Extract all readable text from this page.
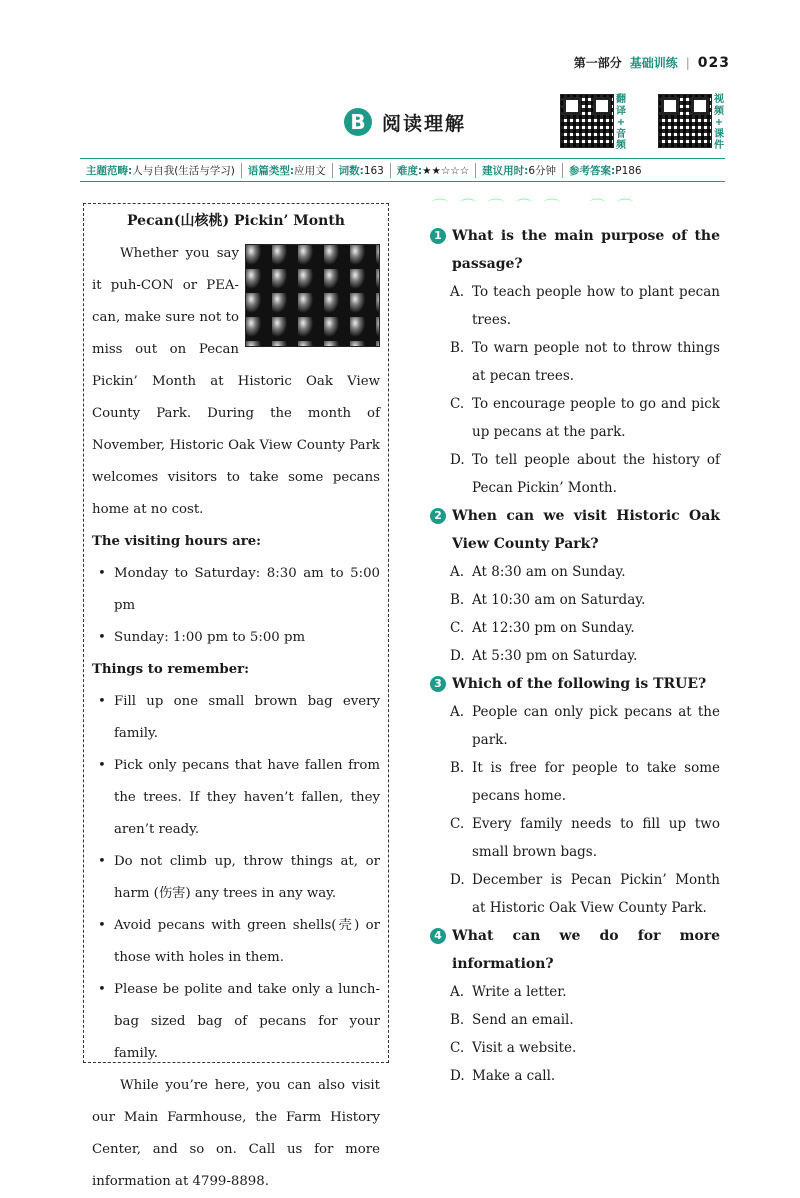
第一部分 基础训练 | 023
B 阅读理解
翻
译
+
音
频
视
频
+
课
件
主题范畴:人与自我(生活与学习)	语篇类型:应用文	词数:163	难度:★★☆☆☆	建议用时:6分钟	参考答案:P186
Pecan(山核桃) Pickin’ Month
Whether you say it puh-CON or PEA-can, make sure not to miss out on Pecan Pickin’ Month at Historic Oak View County Park. During the month of November, Historic Oak View County Park welcomes visitors to take some pecans home at no cost.
The visiting hours are:
• Monday to Saturday: 8:30 am to 5:00 pm
• Sunday: 1:00 pm to 5:00 pm
Things to remember:
• Fill up one small brown bag every family.
• Pick only pecans that have fallen from the trees. If they haven’t fallen, they aren’t ready.
• Do not climb up, throw things at, or harm (伤害) any trees in any way.
• Avoid pecans with green shells(壳) or those with holes in them.
• Please be polite and take only a lunch-bag sized bag of pecans for your family.
While you’re here, you can also visit our Main Farmhouse, the Farm History Center, and so on. Call us for more information at 4799-8898.
⌒⌒⌒⌒⌒ ⌒⌒
1 What is the main purpose of the passage?
A. To teach people how to plant pecan trees.
B. To warn people not to throw things at pecan trees.
C. To encourage people to go and pick up pecans at the park.
D. To tell people about the history of Pecan Pickin’ Month.
2 When can we visit Historic Oak View County Park?
A. At 8:30 am on Sunday.
B. At 10:30 am on Saturday.
C. At 12:30 pm on Sunday.
D. At 5:30 pm on Saturday.
3 Which of the following is TRUE?
A. People can only pick pecans at the park.
B. It is free for people to take some pecans home.
C. Every family needs to fill up two small brown bags.
D. December is Pecan Pickin’ Month at Historic Oak View County Park.
4 What can we do for more information?
A. Write a letter.
B. Send an email.
C. Visit a website.
D. Make a call.
